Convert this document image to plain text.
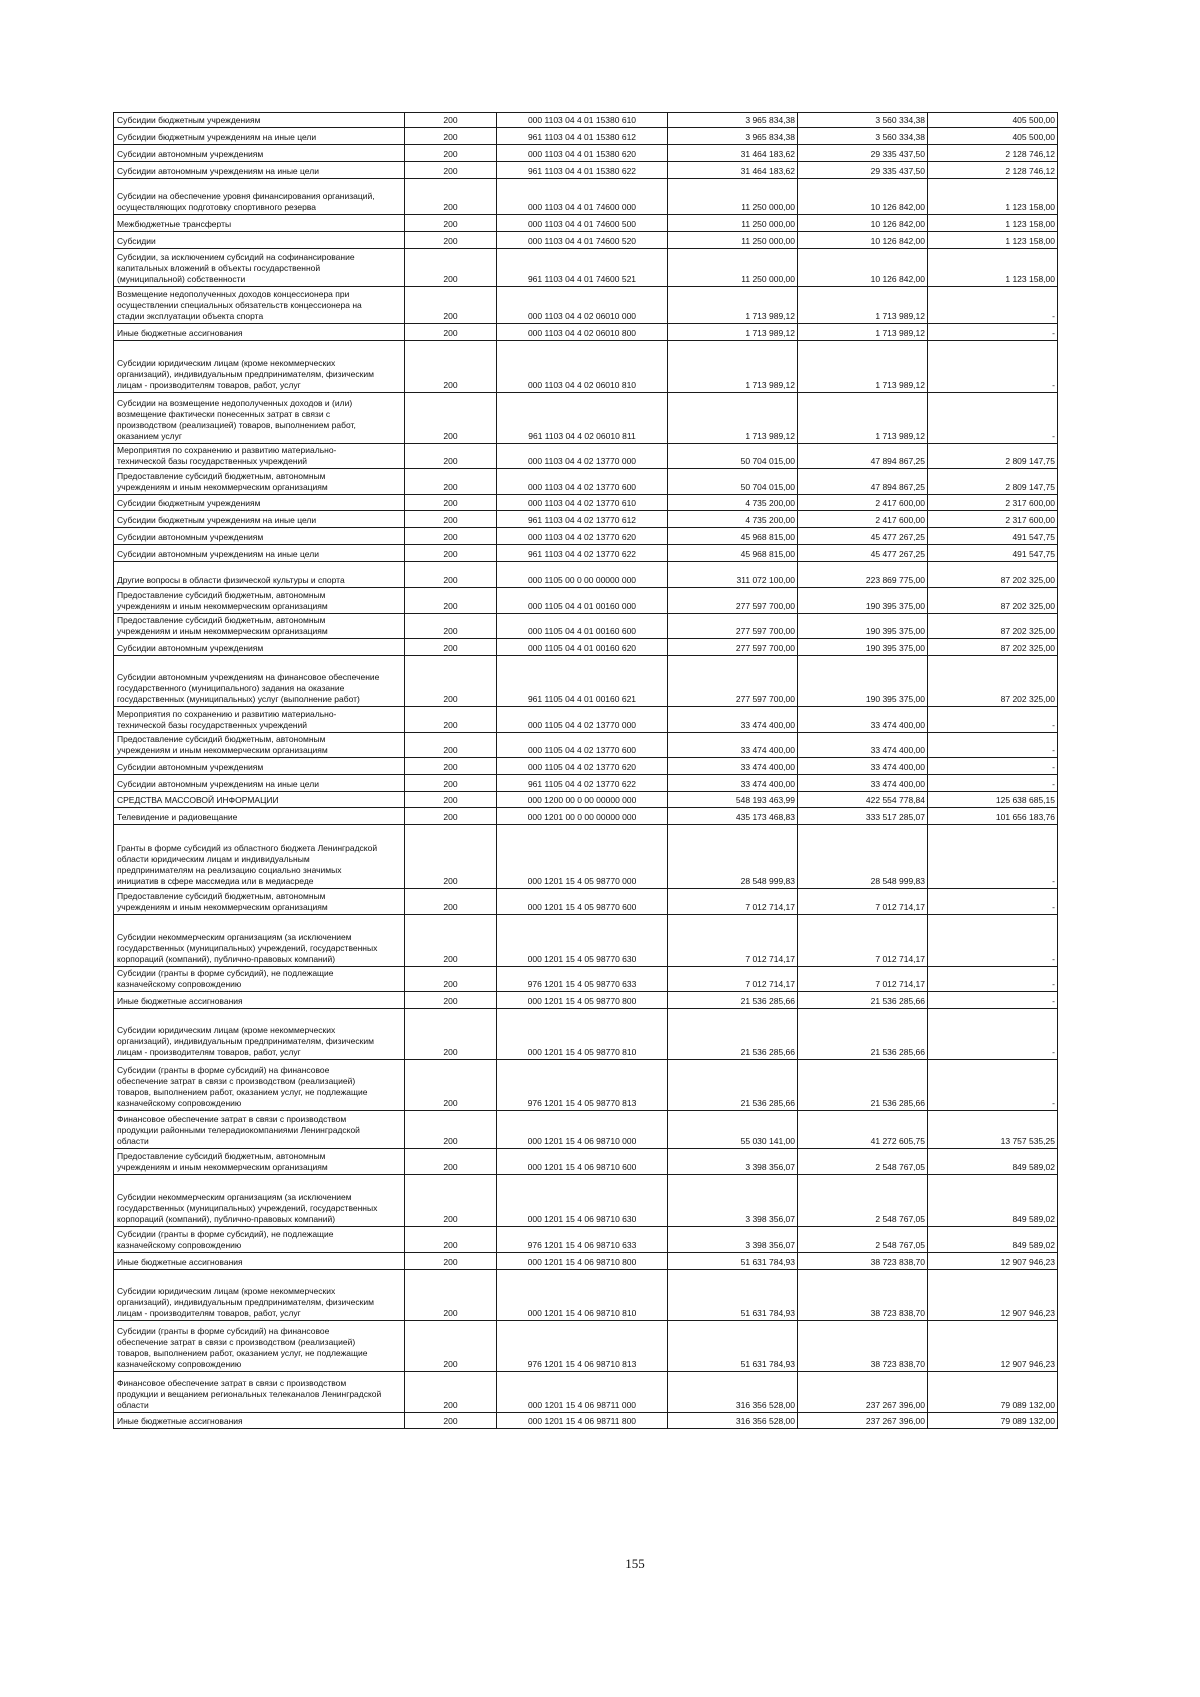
Субсидии бюджетным учреждениям	200	000 1103 04 4 01 15380 610	3 965 834,38	3 560 334,38	405 500,00
Субсидии бюджетным учреждениям на иные цели	200	961 1103 04 4 01 15380 612	3 965 834,38	3 560 334,38	405 500,00
Субсидии автономным учреждениям	200	000 1103 04 4 01 15380 620	31 464 183,62	29 335 437,50	2 128 746,12
Субсидии автономным учреждениям на иные цели	200	961 1103 04 4 01 15380 622	31 464 183,62	29 335 437,50	2 128 746,12
Субсидии на обеспечение уровня финансирования организаций,
осуществляющих подготовку спортивного резерва	200	000 1103 04 4 01 74600 000	11 250 000,00	10 126 842,00	1 123 158,00
Межбюджетные трансферты	200	000 1103 04 4 01 74600 500	11 250 000,00	10 126 842,00	1 123 158,00
Субсидии	200	000 1103 04 4 01 74600 520	11 250 000,00	10 126 842,00	1 123 158,00
Субсидии, за исключением субсидий на софинансирование
капитальных вложений в объекты государственной
(муниципальной) собственности	200	961 1103 04 4 01 74600 521	11 250 000,00	10 126 842,00	1 123 158,00
Возмещение недополученных доходов концессионера при
осуществлении специальных обязательств концессионера на
стадии эксплуатации объекта спорта	200	000 1103 04 4 02 06010 000	1 713 989,12	1 713 989,12	-
Иные бюджетные ассигнования	200	000 1103 04 4 02 06010 800	1 713 989,12	1 713 989,12	-
Субсидии юридическим лицам (кроме некоммерческих
организаций), индивидуальным предпринимателям, физическим
лицам - производителям товаров, работ, услуг	200	000 1103 04 4 02 06010 810	1 713 989,12	1 713 989,12	-
Субсидии на возмещение недополученных доходов и (или)
возмещение фактически понесенных затрат в связи с
производством (реализацией) товаров, выполнением работ,
оказанием услуг	200	961 1103 04 4 02 06010 811	1 713 989,12	1 713 989,12	-
Мероприятия по сохранению и развитию материально-
технической базы государственных учреждений	200	000 1103 04 4 02 13770 000	50 704 015,00	47 894 867,25	2 809 147,75
Предоставление субсидий бюджетным, автономным
учреждениям и иным некоммерческим организациям	200	000 1103 04 4 02 13770 600	50 704 015,00	47 894 867,25	2 809 147,75
Субсидии бюджетным учреждениям	200	000 1103 04 4 02 13770 610	4 735 200,00	2 417 600,00	2 317 600,00
Субсидии бюджетным учреждениям на иные цели	200	961 1103 04 4 02 13770 612	4 735 200,00	2 417 600,00	2 317 600,00
Субсидии автономным учреждениям	200	000 1103 04 4 02 13770 620	45 968 815,00	45 477 267,25	491 547,75
Субсидии автономным учреждениям на иные цели	200	961 1103 04 4 02 13770 622	45 968 815,00	45 477 267,25	491 547,75
Другие вопросы в области физической культуры и спорта	200	000 1105 00 0 00 00000 000	311 072 100,00	223 869 775,00	87 202 325,00
Предоставление субсидий бюджетным, автономным
учреждениям и иным некоммерческим организациям	200	000 1105 04 4 01 00160 000	277 597 700,00	190 395 375,00	87 202 325,00
Предоставление субсидий бюджетным, автономным
учреждениям и иным некоммерческим организациям	200	000 1105 04 4 01 00160 600	277 597 700,00	190 395 375,00	87 202 325,00
Субсидии автономным учреждениям	200	000 1105 04 4 01 00160 620	277 597 700,00	190 395 375,00	87 202 325,00
Субсидии автономным учреждениям на финансовое обеспечение
государственного (муниципального) задания на оказание
государственных (муниципальных) услуг (выполнение работ)	200	961 1105 04 4 01 00160 621	277 597 700,00	190 395 375,00	87 202 325,00
Мероприятия по сохранению и развитию материально-
технической базы государственных учреждений	200	000 1105 04 4 02 13770 000	33 474 400,00	33 474 400,00	-
Предоставление субсидий бюджетным, автономным
учреждениям и иным некоммерческим организациям	200	000 1105 04 4 02 13770 600	33 474 400,00	33 474 400,00	-
Субсидии автономным учреждениям	200	000 1105 04 4 02 13770 620	33 474 400,00	33 474 400,00	-
Субсидии автономным учреждениям на иные цели	200	961 1105 04 4 02 13770 622	33 474 400,00	33 474 400,00	-
СРЕДСТВА МАССОВОЙ ИНФОРМАЦИИ	200	000 1200 00 0 00 00000 000	548 193 463,99	422 554 778,84	125 638 685,15
Телевидение и радиовещание	200	000 1201 00 0 00 00000 000	435 173 468,83	333 517 285,07	101 656 183,76
Гранты в форме субсидий из областного бюджета Ленинградской
области юридическим лицам и индивидуальным
предпринимателям на реализацию социально значимых
инициатив в сфере массмедиа или в медиасреде	200	000 1201 15 4 05 98770 000	28 548 999,83	28 548 999,83	-
Предоставление субсидий бюджетным, автономным
учреждениям и иным некоммерческим организациям	200	000 1201 15 4 05 98770 600	7 012 714,17	7 012 714,17	-
Субсидии некоммерческим организациям (за исключением
государственных (муниципальных) учреждений, государственных
корпораций (компаний), публично-правовых компаний)	200	000 1201 15 4 05 98770 630	7 012 714,17	7 012 714,17	-
Субсидии (гранты в форме субсидий), не подлежащие
казначейскому сопровождению	200	976 1201 15 4 05 98770 633	7 012 714,17	7 012 714,17	-
Иные бюджетные ассигнования	200	000 1201 15 4 05 98770 800	21 536 285,66	21 536 285,66	-
Субсидии юридическим лицам (кроме некоммерческих
организаций), индивидуальным предпринимателям, физическим
лицам - производителям товаров, работ, услуг	200	000 1201 15 4 05 98770 810	21 536 285,66	21 536 285,66	-
Субсидии (гранты в форме субсидий) на финансовое
обеспечение затрат в связи с производством (реализацией)
товаров, выполнением работ, оказанием услуг, не подлежащие
казначейскому сопровождению	200	976 1201 15 4 05 98770 813	21 536 285,66	21 536 285,66	-
Финансовое обеспечение затрат в связи с производством
продукции районными телерадиокомпаниями Ленинградской
области	200	000 1201 15 4 06 98710 000	55 030 141,00	41 272 605,75	13 757 535,25
Предоставление субсидий бюджетным, автономным
учреждениям и иным некоммерческим организациям	200	000 1201 15 4 06 98710 600	3 398 356,07	2 548 767,05	849 589,02
Субсидии некоммерческим организациям (за исключением
государственных (муниципальных) учреждений, государственных
корпораций (компаний), публично-правовых компаний)	200	000 1201 15 4 06 98710 630	3 398 356,07	2 548 767,05	849 589,02
Субсидии (гранты в форме субсидий), не подлежащие
казначейскому сопровождению	200	976 1201 15 4 06 98710 633	3 398 356,07	2 548 767,05	849 589,02
Иные бюджетные ассигнования	200	000 1201 15 4 06 98710 800	51 631 784,93	38 723 838,70	12 907 946,23
Субсидии юридическим лицам (кроме некоммерческих
организаций), индивидуальным предпринимателям, физическим
лицам - производителям товаров, работ, услуг	200	000 1201 15 4 06 98710 810	51 631 784,93	38 723 838,70	12 907 946,23
Субсидии (гранты в форме субсидий) на финансовое
обеспечение затрат в связи с производством (реализацией)
товаров, выполнением работ, оказанием услуг, не подлежащие
казначейскому сопровождению	200	976 1201 15 4 06 98710 813	51 631 784,93	38 723 838,70	12 907 946,23
Финансовое обеспечение затрат в связи с производством
продукции и вещанием региональных телеканалов Ленинградской
области	200	000 1201 15 4 06 98711 000	316 356 528,00	237 267 396,00	79 089 132,00
Иные бюджетные ассигнования	200	000 1201 15 4 06 98711 800	316 356 528,00	237 267 396,00	79 089 132,00
155
